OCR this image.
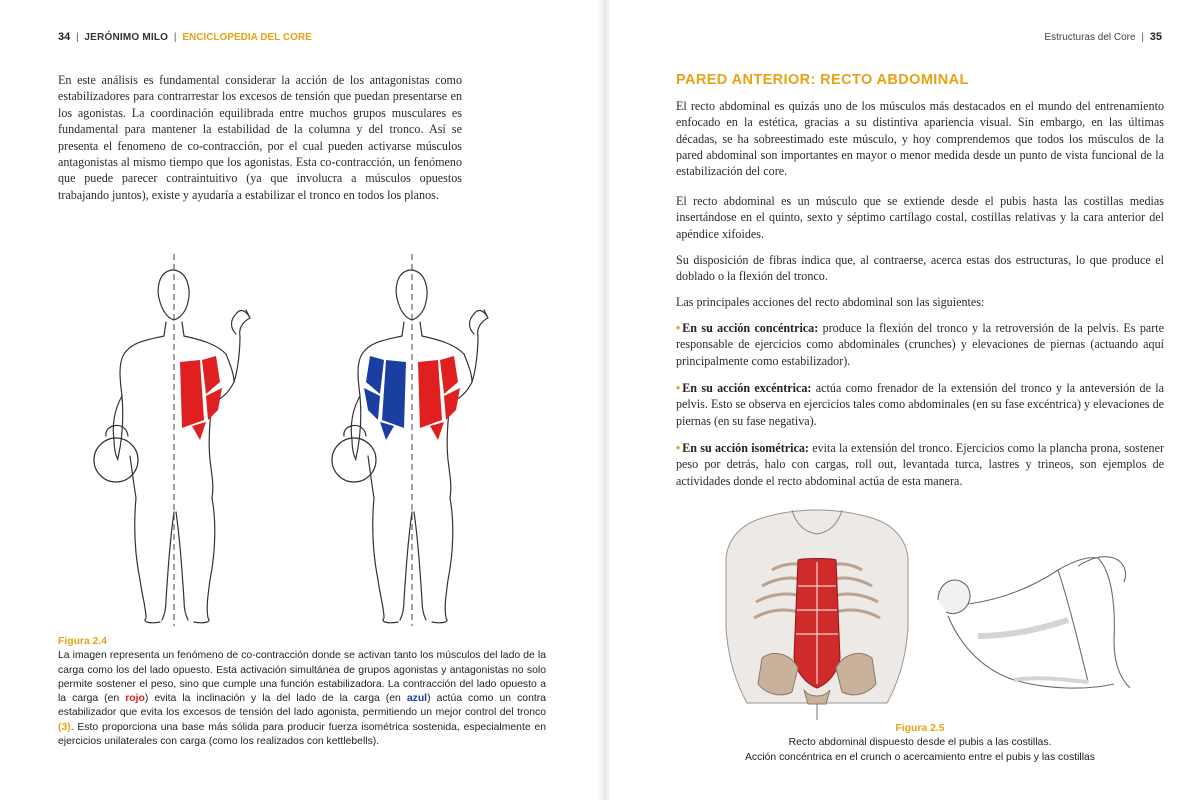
34 | JERÓNIMO MILO | ENCICLOPEDIA DEL CORE

En este análisis es fundamental considerar la acción de los antagonistas como estabilizadores para contrarrestar los excesos de tensión que puedan presentarse en los agonistas. La coordinación equilibrada entre muchos grupos musculares es fundamental para mantener la estabilidad de la columna y del tronco. Así se presenta el fenomeno de co-contracción, por el cual pueden activarse músculos antagonistas al mismo tiempo que los agonistas. Esta co-contracción, un fenómeno que puede parecer contraintuitivo (ya que involucra a músculos opuestos trabajando juntos), existe y ayudaría a estabilizar el tronco en todos los planos.

Figura 2.4
La imagen representa un fenómeno de co-contracción donde se activan tanto los músculos del lado de la carga como los del lado opuesto. Esta activación simultánea de grupos agonistas y antagonistas no solo permite sostener el peso, sino que cumple una función estabilizadora. La contracción del lado opuesto a la carga (en rojo) evita la inclinación y la del lado de la carga (en azul) actúa como un contra estabilizador que evita los excesos de tensión del lado agonista, permitiendo un mejor control del tronco (3). Esto proporciona una base más sólida para producir fuerza isométrica sostenida, especialmente en ejercicios unilaterales con carga (como los realizados con kettlebells).
Estructuras del Core | 35
PARED ANTERIOR: RECTO ABDOMINAL

El recto abdominal es quizás uno de los músculos más destacados en el mundo del entrenamiento enfocado en la estética, gracias a su distintiva apariencia visual. Sin embargo, en las últimas décadas, se ha sobreestimado este músculo, y hoy comprendemos que todos los músculos de la pared abdominal son importantes en mayor o menor medida desde un punto de vista funcional de la estabilización del core.

El recto abdominal es un músculo que se extiende desde el pubis hasta las costillas medias insertándose en el quinto, sexto y séptimo cartílago costal, costillas relativas y la cara anterior del apéndice xifoides.

Su disposición de fibras indica que, al contraerse, acerca estas dos estructuras, lo que produce el doblado o la flexión del tronco.

Las principales acciones del recto abdominal son las siguientes:

• En su acción concéntrica: produce la flexión del tronco y la retroversión de la pelvis. Es parte responsable de ejercicios como abdominales (crunches) y elevaciones de piernas (actuando aquí principalmente como estabilizador).

• En su acción excéntrica: actúa como frenador de la extensión del tronco y la anteversión de la pelvis. Esto se observa en ejercicios tales como abdominales (en su fase excéntrica) y elevaciones de piernas (en su fase negativa).

• En su acción isométrica: evita la extensión del tronco. Ejercicios como la plancha prona, sostener peso por detrás, halo con cargas, roll out, levantada turca, lastres y trineos, son ejemplos de actividades donde el recto abdominal actúa de esta manera.

Figura 2.5
Recto abdominal dispuesto desde el pubis a las costillas.
Acción concéntrica en el crunch o acercamiento entre el pubis y las costillas
